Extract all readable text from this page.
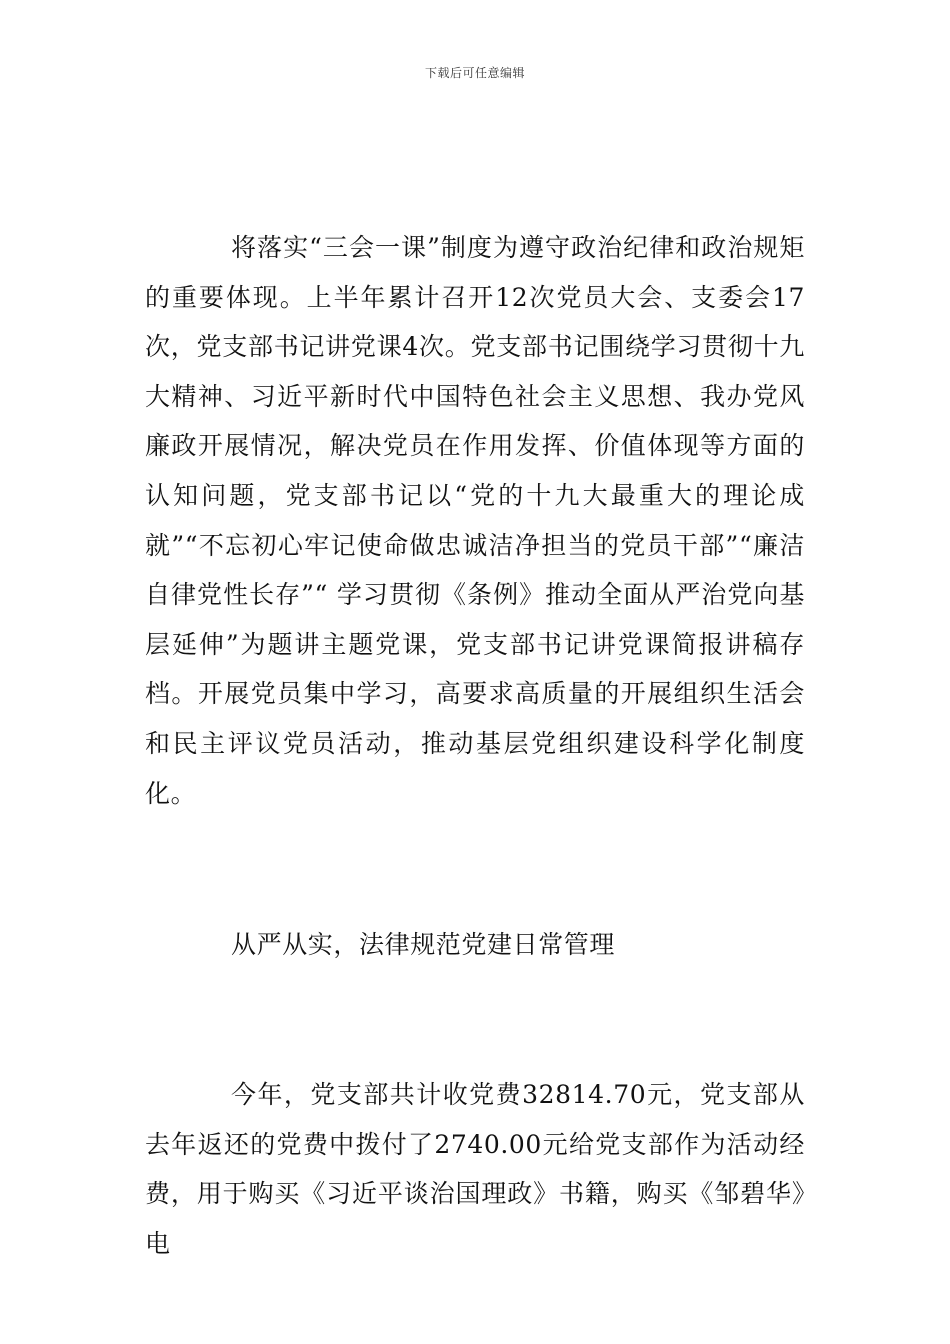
下载后可任意编辑

将落实“三会一课”制度为遵守政治纪律和政治规矩的重要体现。上半年累计召开12次党员大会、支委会17次，党支部书记讲党课4次。党支部书记围绕学习贯彻十九大精神、习近平新时代中国特色社会主义思想、我办党风廉政开展情况，解决党员在作用发挥、价值体现等方面的认知问题，党支部书记以“党的十九大最重大的理论成就”“不忘初心牢记使命做忠诚洁净担当的党员干部”“廉洁自律党性长存”“ 学习贯彻《条例》推动全面从严治党向基层延伸”为题讲主题党课，党支部书记讲党课简报讲稿存档。开展党员集中学习，高要求高质量的开展组织生活会和民主评议党员活动，推动基层党组织建设科学化制度化。

从严从实，法律规范党建日常管理

今年，党支部共计收党费32814.70元，党支部从去年返还的党费中拨付了2740.00元给党支部作为活动经费，用于购买《习近平谈治国理政》书籍，购买《邹碧华》电
